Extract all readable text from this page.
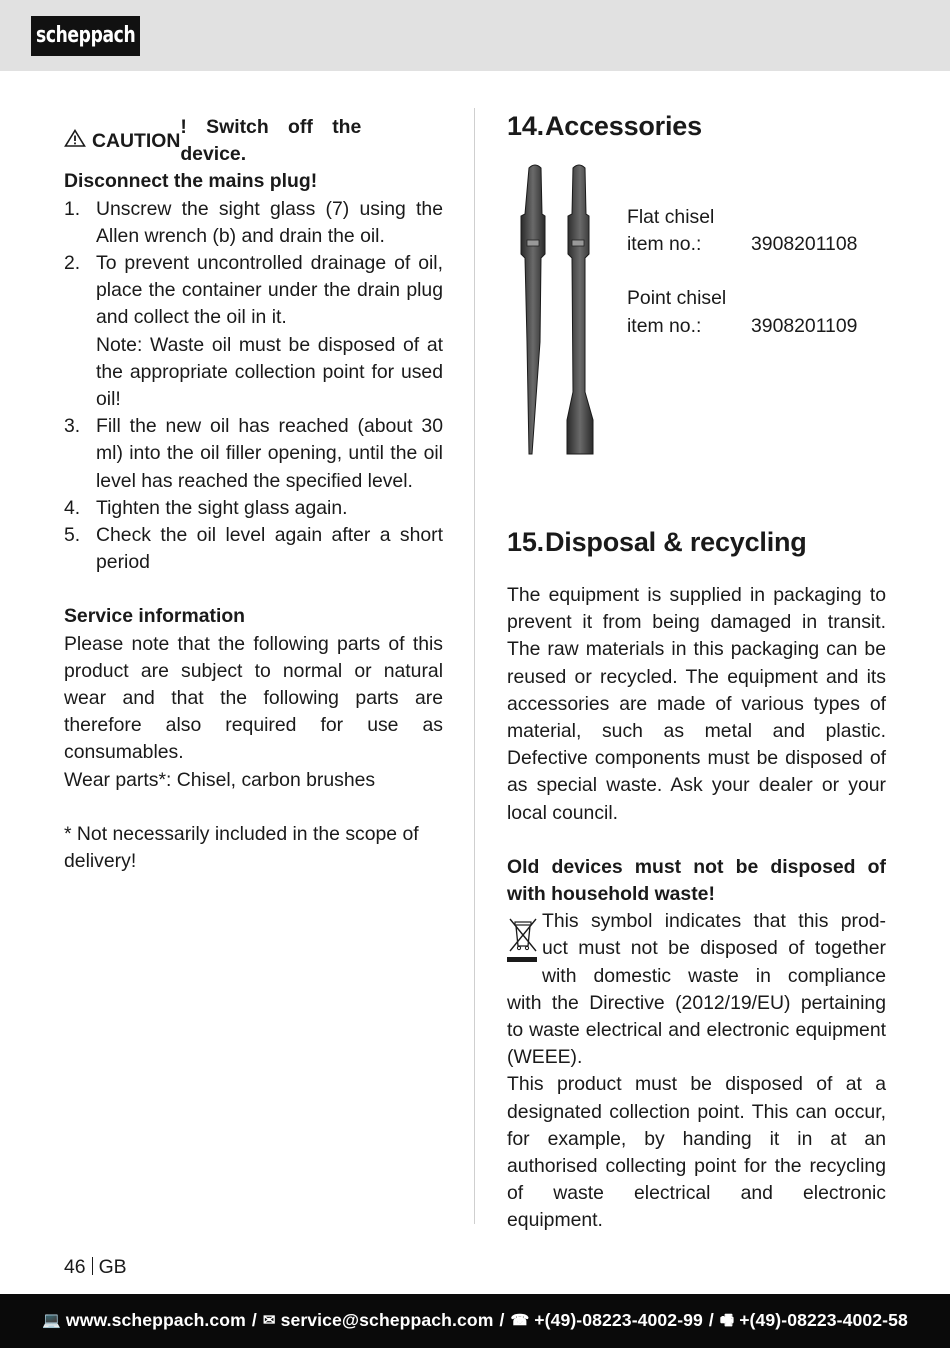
scheppach
CAUTION
! Switch off the device.
Disconnect the mains plug!
1. Unscrew the sight glass (7) using the Allen wrench (b) and drain the oil.
2. To prevent uncontrolled drainage of oil, place the container under the drain plug and collect the oil in it.
Note: Waste oil must be disposed of at the appropriate collection point for used oil!
3. Fill the new oil has reached (about 30 ml) into the oil filler opening, until the oil level has reached the specified level.
4. Tighten the sight glass again.
5. Check the oil level again after a short period
Service information
Please note that the following parts of this product are subject to normal or natural wear and that the following parts are therefore also required for use as consumables.
Wear parts*: Chisel, carbon brushes
* Not necessarily included in the scope of delivery!
14.Accessories
Flat chisel
item no.:	3908201108
Point chisel
item no.:	3908201109
15.Disposal & recycling
The equipment is supplied in packaging to prevent it from being damaged in transit. The raw materials in this packaging can be reused or recycled. The equipment and its accessories are made of various types of material, such as metal and plastic. Defective components must be disposed of as special waste. Ask your dealer or your local council.
Old devices must not be disposed of with household waste!
This symbol indicates that this prod-
uct must not be disposed of together
with domestic waste in compliance
with the Directive (2012/19/EU) pertaining to waste electrical and electronic equipment (WEEE).
This product must be disposed of at a designated collection point. This can occur, for example, by handing it in at an authorised collecting point for the recycling of waste electrical and electronic equipment.
46 GB
💻 www.scheppach.com / ✉ service@scheppach.com / ☎ +(49)-08223-4002-99 / 🖷 +(49)-08223-4002-58
